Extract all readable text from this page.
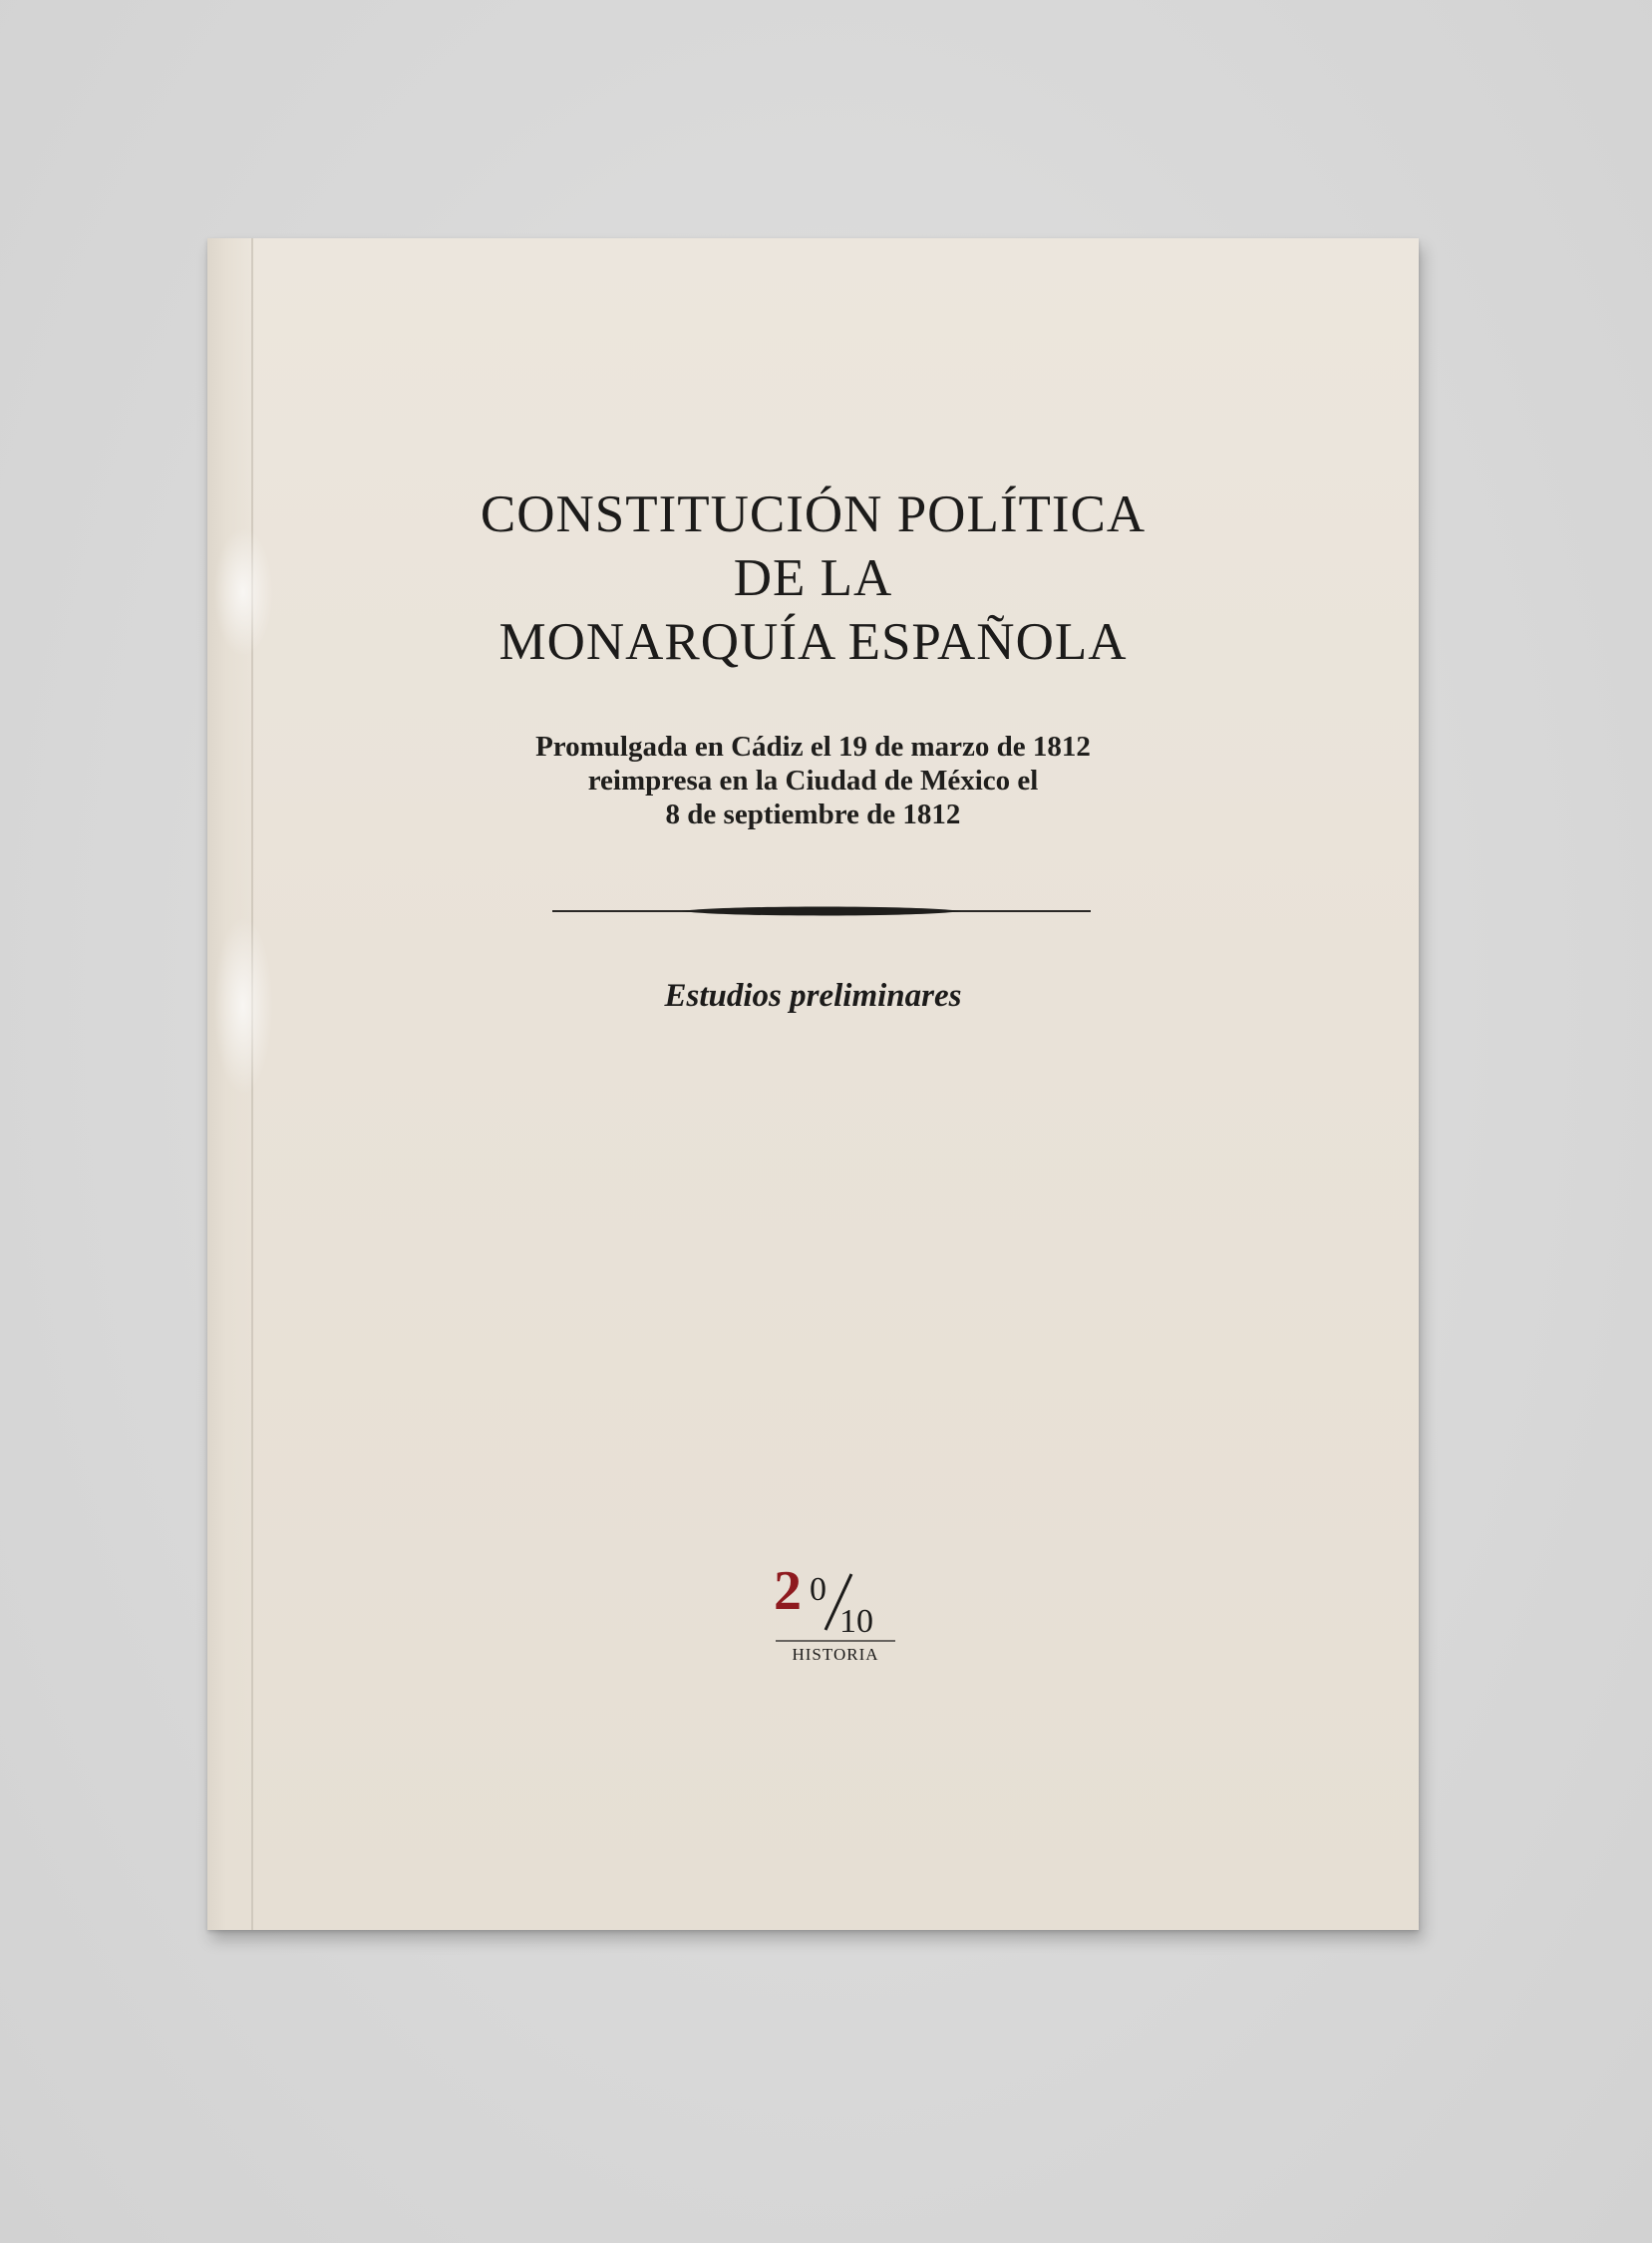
CONSTITUCIÓN POLÍTICA
DE LA
MONARQUÍA ESPAÑOLA
Promulgada en Cádiz el 19 de marzo de 1812
reimpresa en la Ciudad de México el
8 de septiembre de 1812
Estudios preliminares
2 0
10
HISTORIA
